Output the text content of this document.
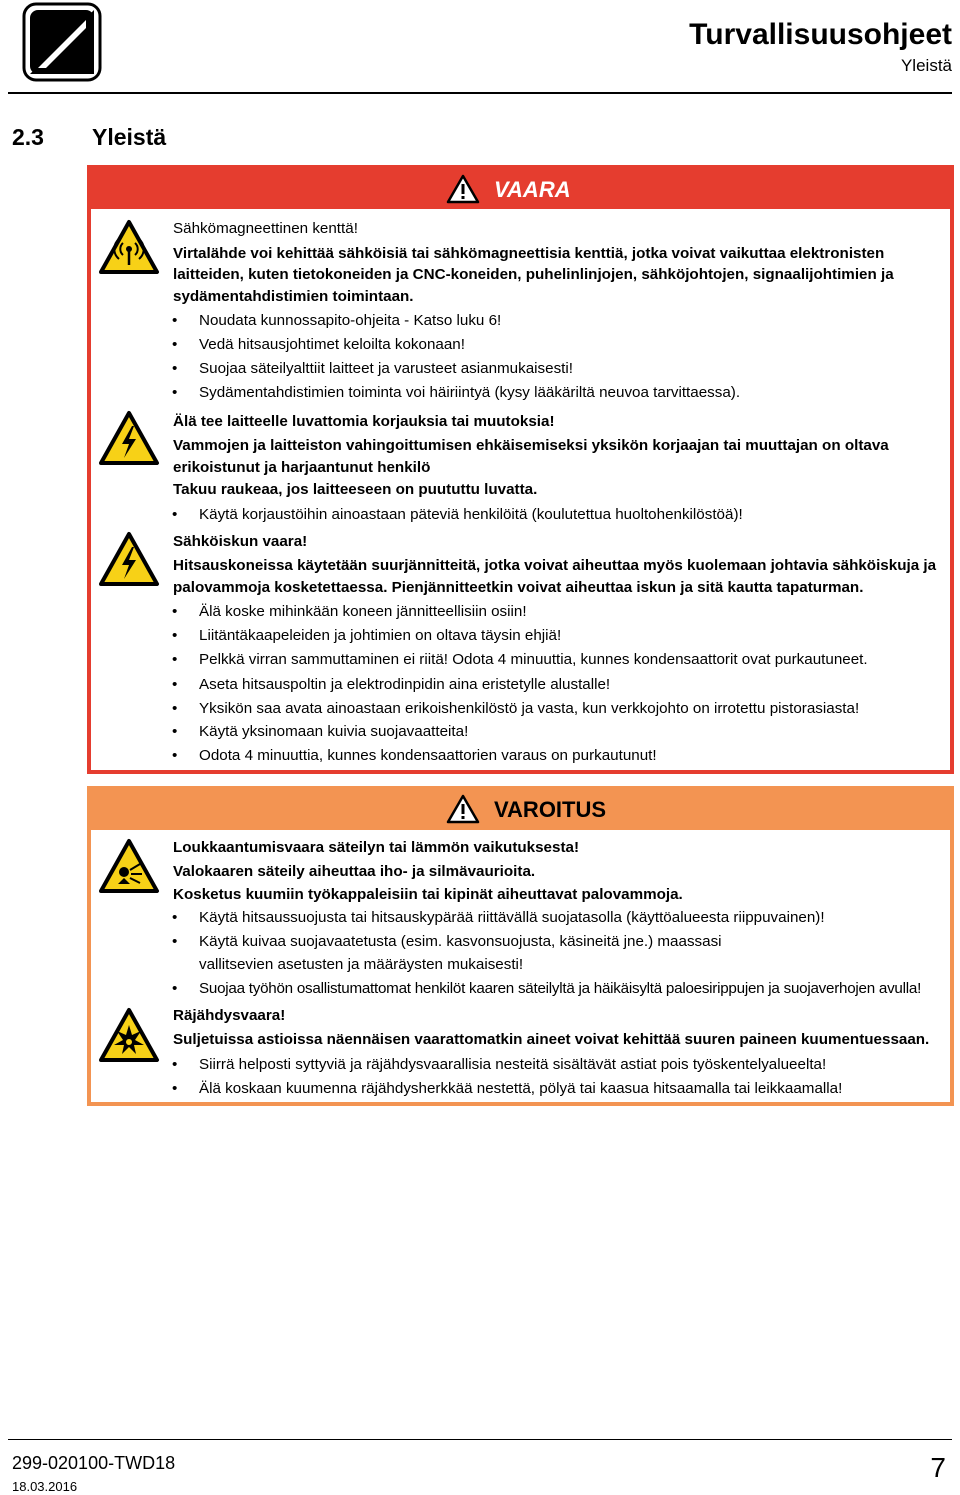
Turvallisuusohjeet
Yleistä
2.3 Yleistä
VAARA
Sähkömagneettinen kenttä!
Virtalähde voi kehittää sähköisiä tai sähkömagneettisia kenttiä, jotka voivat vaikuttaa elektronisten
laitteiden, kuten tietokoneiden ja CNC-koneiden, puhelinlinjojen, sähköjohtojen, signaalijohtimien ja
sydämentahdistimien toimintaan.
• Noudata kunnossapito-ohjeita - Katso luku 6!
• Vedä hitsausjohtimet keloilta kokonaan!
• Suojaa säteilyalttiit laitteet ja varusteet asianmukaisesti!
• Sydämentahdistimien toiminta voi häiriintyä (kysy lääkäriltä neuvoa tarvittaessa).
Älä tee laitteelle luvattomia korjauksia tai muutoksia!
Vammojen ja laitteiston vahingoittumisen ehkäisemiseksi yksikön korjaajan tai muuttajan on oltava
erikoistunut ja harjaantunut henkilö
Takuu raukeaa, jos laitteeseen on puututtu luvatta.
• Käytä korjaustöihin ainoastaan päteviä henkilöitä (koulutettua huoltohenkilöstöä)!
Sähköiskun vaara!
Hitsauskoneissa käytetään suurjännitteitä, jotka voivat aiheuttaa myös kuolemaan johtavia sähköiskuja ja
palovammoja kosketettaessa. Pienjännitteetkin voivat aiheuttaa iskun ja sitä kautta tapaturman.
• Älä koske mihinkään koneen jännitteellisiin osiin!
• Liitäntäkaapeleiden ja johtimien on oltava täysin ehjiä!
• Pelkkä virran sammuttaminen ei riitä! Odota 4 minuuttia, kunnes kondensaattorit ovat purkautuneet.
• Aseta hitsauspoltin ja elektrodinpidin aina eristetylle alustalle!
• Yksikön saa avata ainoastaan erikoishenkilöstö ja vasta, kun verkkojohto on irrotettu pistorasiasta!
• Käytä yksinomaan kuivia suojavaatteita!
• Odota 4 minuuttia, kunnes kondensaattorien varaus on purkautunut!
VAROITUS
Loukkaantumisvaara säteilyn tai lämmön vaikutuksesta!
Valokaaren säteily aiheuttaa iho- ja silmävaurioita.
Kosketus kuumiin työkappaleisiin tai kipinät aiheuttavat palovammoja.
• Käytä hitsaussuojusta tai hitsauskypärää riittävällä suojatasolla (käyttöalueesta riippuvainen)!
• Käytä kuivaa suojavaatetusta (esim. kasvonsuojusta, käsineitä jne.) maassasi
vallitsevien asetusten ja määräysten mukaisesti!
• Suojaa työhön osallistumattomat henkilöt kaaren säteilyltä ja häikäisyltä paloesirippujen ja suojaverhojen avulla!
Räjähdysvaara!
Suljetuissa astioissa näennäisen vaarattomatkin aineet voivat kehittää suuren paineen kuumentuessaan.
• Siirrä helposti syttyviä ja räjähdysvaarallisia nesteitä sisältävät astiat pois työskentelyalueelta!
• Älä koskaan kuumenna räjähdysherkkää nestettä, pölyä tai kaasua hitsaamalla tai leikkaamalla!
299-020100-TWD18
18.03.2016
7
